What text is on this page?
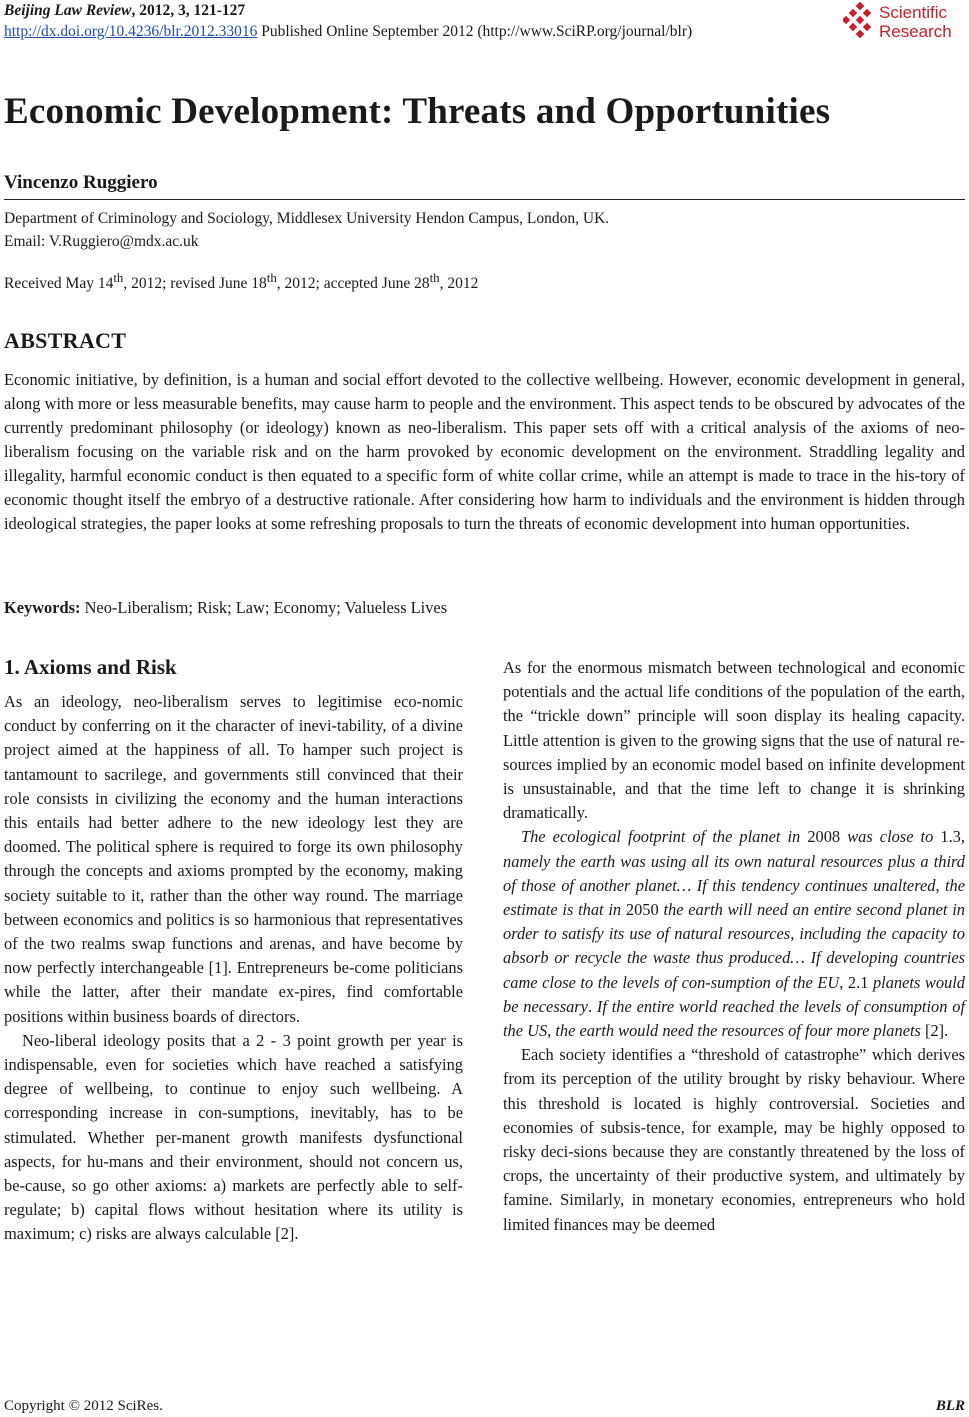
Beijing Law Review, 2012, 3, 121-127
http://dx.doi.org/10.4236/blr.2012.33016 Published Online September 2012 (http://www.SciRP.org/journal/blr)
Scientific
Research
Economic Development: Threats and Opportunities
Vincenzo Ruggiero
Department of Criminology and Sociology, Middlesex University Hendon Campus, London, UK.
Email: V.Ruggiero@mdx.ac.uk
Received May 14th, 2012; revised June 18th, 2012; accepted June 28th, 2012
ABSTRACT
Economic initiative, by definition, is a human and social effort devoted to the collective wellbeing. However, economic development in general, along with more or less measurable benefits, may cause harm to people and the environment. This aspect tends to be obscured by advocates of the currently predominant philosophy (or ideology) known as neo-liberalism. This paper sets off with a critical analysis of the axioms of neo-liberalism focusing on the variable risk and on the harm provoked by economic development on the environment. Straddling legality and illegality, harmful economic conduct is then equated to a specific form of white collar crime, while an attempt is made to trace in the his-tory of economic thought itself the embryo of a destructive rationale. After considering how harm to individuals and the environment is hidden through ideological strategies, the paper looks at some refreshing proposals to turn the threats of economic development into human opportunities.
Keywords: Neo-Liberalism; Risk; Law; Economy; Valueless Lives
1. Axioms and Risk

As an ideology, neo-liberalism serves to legitimise eco-nomic conduct by conferring on it the character of inevi-tability, of a divine project aimed at the happiness of all. To hamper such project is tantamount to sacrilege, and governments still convinced that their role consists in civilizing the economy and the human interactions this entails had better adhere to the new ideology lest they are doomed. The political sphere is required to forge its own philosophy through the concepts and axioms prompted by the economy, making society suitable to it, rather than the other way round. The marriage between economics and politics is so harmonious that representatives of the two realms swap functions and arenas, and have become by now perfectly interchangeable [1]. Entrepreneurs be-come politicians while the latter, after their mandate ex-pires, find comfortable positions within business boards of directors.

Neo-liberal ideology posits that a 2 - 3 point growth per year is indispensable, even for societies which have reached a satisfying degree of wellbeing, to continue to enjoy such wellbeing. A corresponding increase in con-sumptions, inevitably, has to be stimulated. Whether per-manent growth manifests dysfunctional aspects, for hu-mans and their environment, should not concern us, be-cause, so go other axioms: a) markets are perfectly able to self-regulate; b) capital flows without hesitation where its utility is maximum; c) risks are always calculable [2].

As for the enormous mismatch between technological and economic potentials and the actual life conditions of the population of the earth, the “trickle down” principle will soon display its healing capacity. Little attention is given to the growing signs that the use of natural re-sources implied by an economic model based on infinite development is unsustainable, and that the time left to change it is shrinking dramatically.

The ecological footprint of the planet in 2008 was close to 1.3, namely the earth was using all its own natural resources plus a third of those of another planet… If this tendency continues unaltered, the estimate is that in 2050 the earth will need an entire second planet in order to satisfy its use of natural resources, including the capacity to absorb or recycle the waste thus produced… If developing countries came close to the levels of con-sumption of the EU, 2.1 planets would be necessary. If the entire world reached the levels of consumption of the US, the earth would need the resources of four more planets [2].

Each society identifies a “threshold of catastrophe” which derives from its perception of the utility brought by risky behaviour. Where this threshold is located is highly controversial. Societies and economies of subsis-tence, for example, may be highly opposed to risky deci-sions because they are constantly threatened by the loss of crops, the uncertainty of their productive system, and ultimately by famine. Similarly, in monetary economies, entrepreneurs who hold limited finances may be deemed

Copyright © 2012 SciRes.	BLR
